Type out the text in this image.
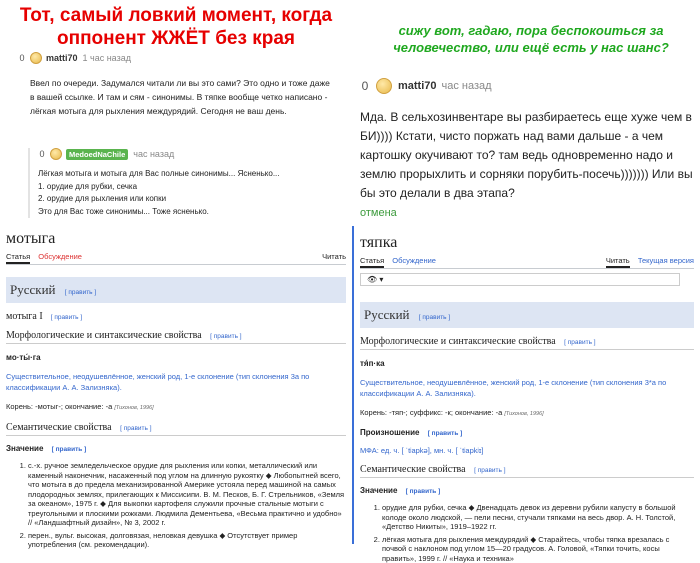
Тот, самый ловкий момент, когда оппонент ЖЖЁТ без края	сижу вот, гадаю, пора беспокоиться за человечество, или ещё есть у нас шанс?
0 matti70 1 час назад
Ввел по очереди. Задумался читали ли вы это сами? Это одно и тоже даже в вашей ссылке. И там и сям - синонимы. В тяпке вообще четко написано - лёгкая мотыга для рыхления междурядий. Сегодня не ваш день.
0	MedoedNaChile час назад
Лёгкая мотыга и мотыга для Вас полные синонимы... Ясненько...
1. орудие для рубки, сечка
2. орудие для рыхления или копки
Это для Вас тоже синонимы... Тоже ясненько.
0	matti70 час назад
Мда. В сельхозинвентаре вы разбираетесь еще хуже чем в БИ)))) Кстати, чисто поржать над вами дальше - а чем картошку окучивают то? там ведь одновременно надо и землю прорыхлить и сорняки порубить-посечь))))))) Или вы бы это делали в два этапа?
отмена
мотыга
Статья Обсуждение	Читать
Русский [ править ]
мотыга I [ править ]
Морфологические и синтаксические свойства [ править ]
мо·ты́·га
Существительное, неодушевлённое, женский род, 1-е склонение (тип склонения 3a по классификации А. А. Зализняка).
Корень: -мотыг-; окончание: -а [Тихонов, 1996]
Семантические свойства [ править ]
Значение [ править ]
1. с.-х. ручное земледельческое орудие для рыхления или копки, металлический или каменный наконечник, насаженный под углом на длинную рукоятку ◆ Любопытней всего, что мотыга в до предела механизированной Америке устояла перед машиной на самых плодородных землях, прилегающих к Миссисипи. В. М. Песков, Б. Г. Стрельников, «Земля за океаном», 1975 г. ◆ Для выкопки картофеля служили прочные стальные мотыги с треугольными и плоскими рожками. Людмила Дементьева, «Весьма практично и удобно» // «Ландшафтный дизайн», № 3, 2002 г.
2. перен., вульг. высокая, долговязая, неловкая девушка ◆ Отсутствует пример употребления (см. рекомендации).
тяпка
Статья Обсуждение	Читать Текущая версия
👁 ▾
Русский [ править ]
Морфологические и синтаксические свойства [ править ]
тя́п·ка
Существительное, неодушевлённое, женский род, 1-е склонение (тип склонения 3*a по классификации А. А. Зализняка).
Корень: -тяп-; суффикс: -к; окончание: -а [Тихонов, 1996]
Произношение [ править ]
МФА: ед. ч. [ ˈtʲapkə], мн. ч. [ ˈtʲapkʲɪ]
Семантические свойства [ править ]
Значение [ править ]
1. орудие для рубки, сечка ◆ Двенадцать девок из деревни рубили капусту в большой колоде около людской, — пели песни, стучали тяпками на весь двор. А. Н. Толстой, «Детство Никиты», 1919–1922 гг.
2. лёгкая мотыга для рыхления междурядий ◆ Старайтесь, чтобы тяпка врезалась с почвой с наклоном под углом 15—20 градусов. А. Головой, «Тяпки точить, косы править», 1999 г. // «Наука и техника»
